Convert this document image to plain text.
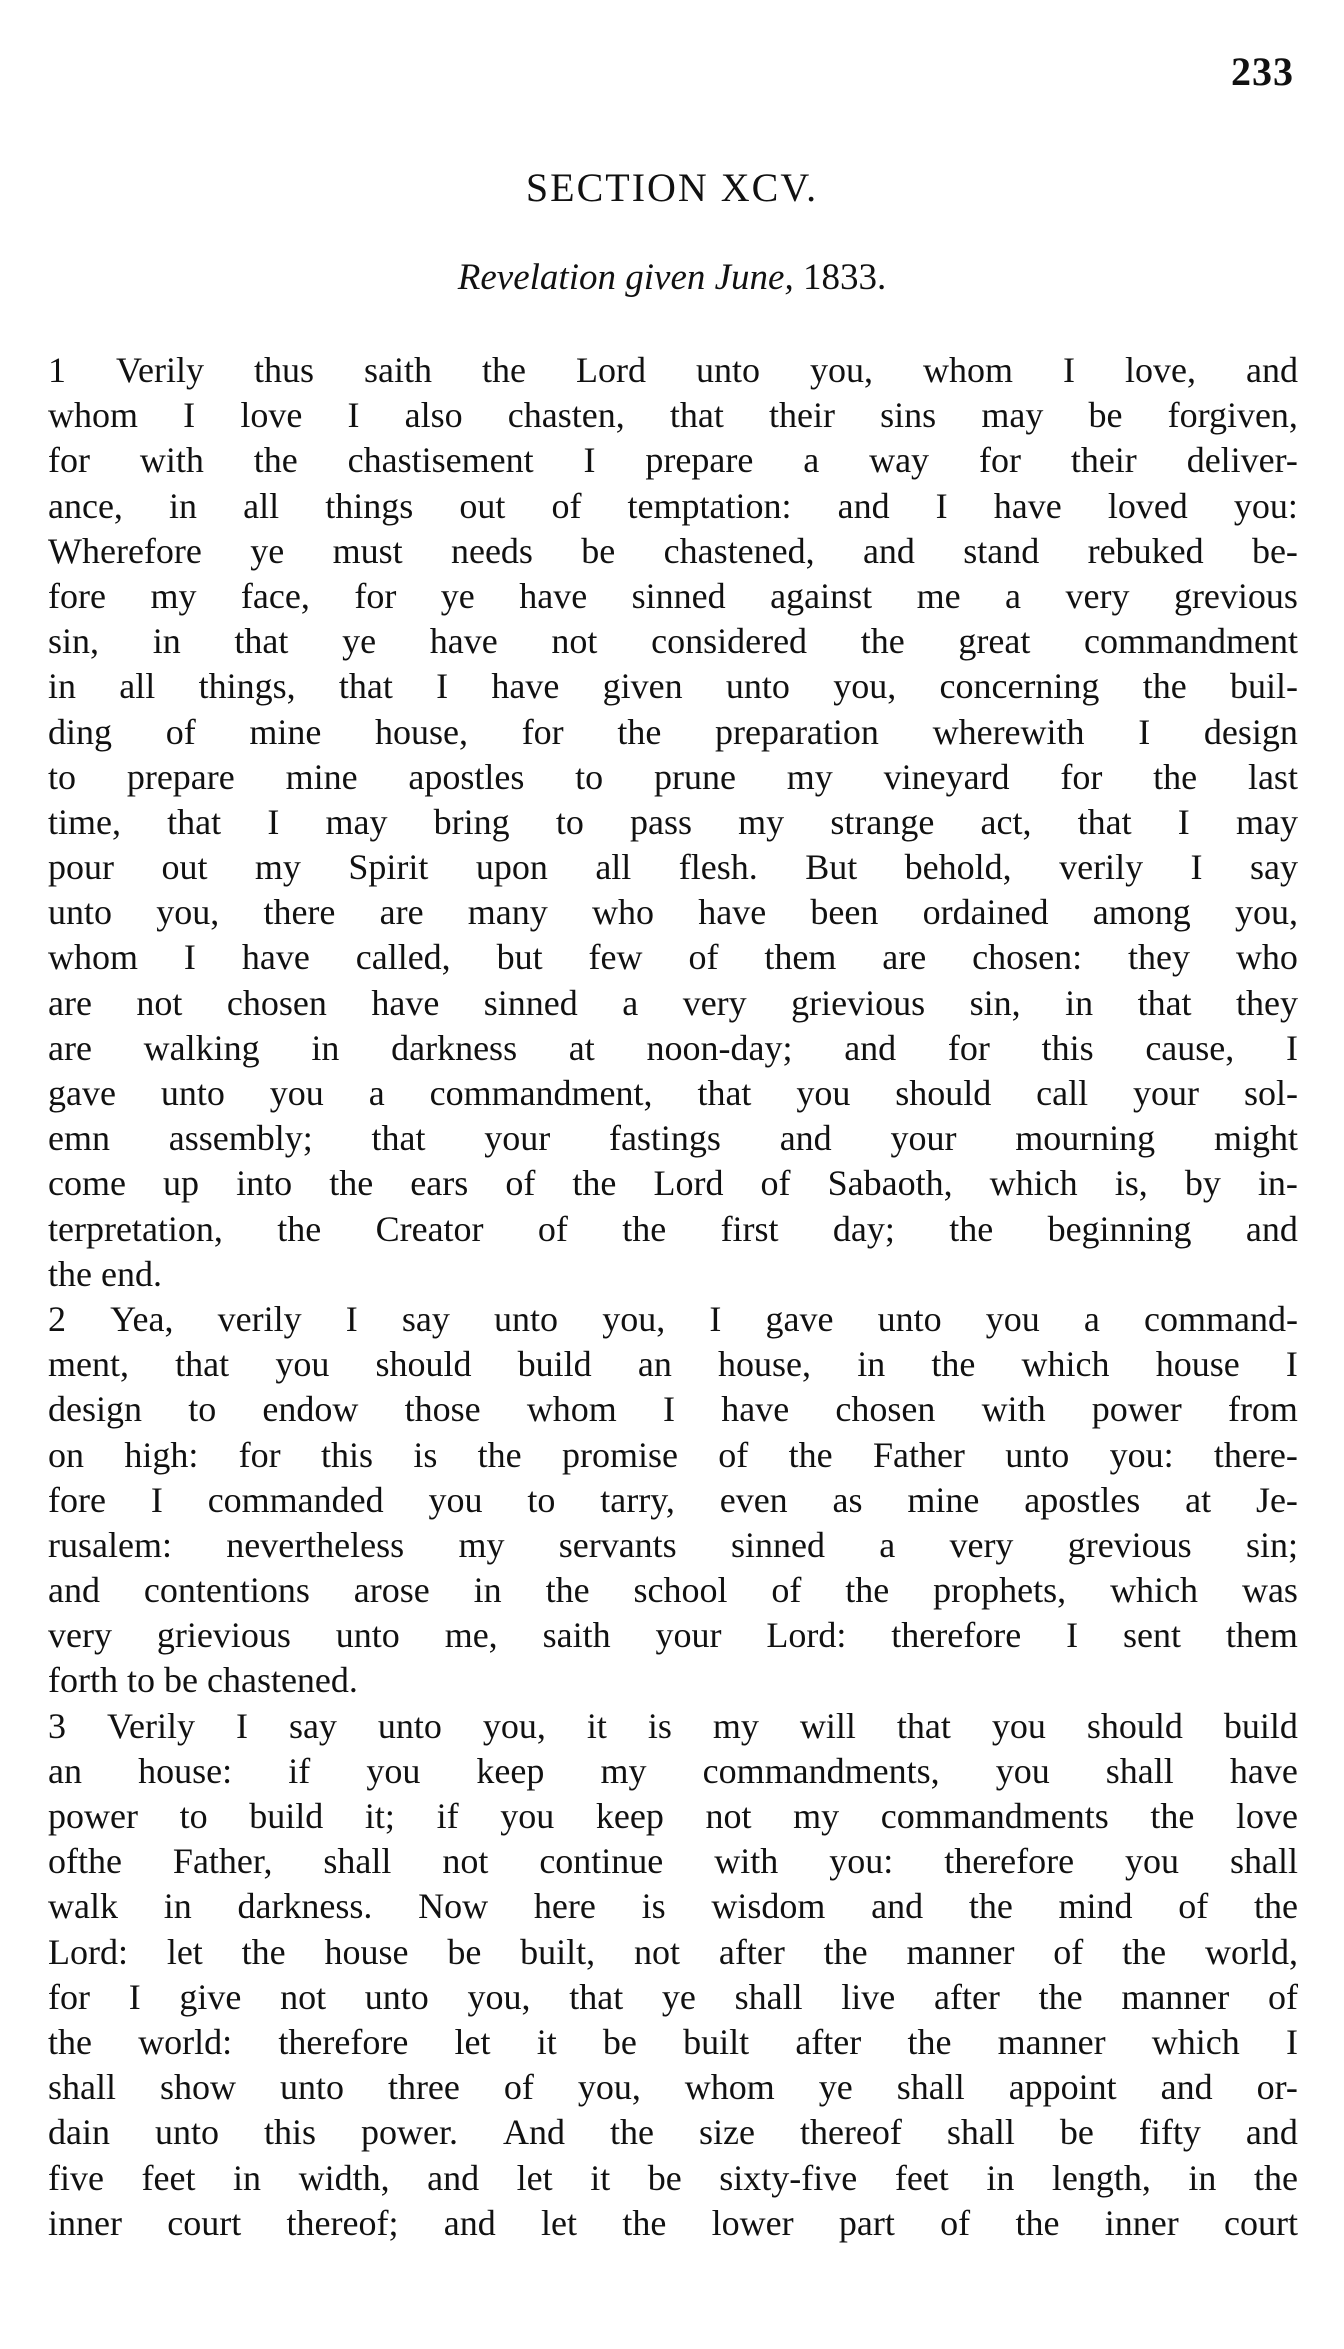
233
SECTION XCV.
Revelation given June, 1833.
1 Verily thus saith the Lord unto you, whom I love, and
whom I love I also chasten, that their sins may be forgiven,
for with the chastisement I prepare a way for their deliver-
ance, in all things out of temptation: and I have loved you:
Wherefore ye must needs be chastened, and stand rebuked be-
fore my face, for ye have sinned against me a very grevious
sin, in that ye have not considered the great commandment
in all things, that I have given unto you, concerning the buil-
ding of mine house, for the preparation wherewith I design
to prepare mine apostles to prune my vineyard for the last
time, that I may bring to pass my strange act, that I may
pour out my Spirit upon all flesh. But behold, verily I say
unto you, there are many who have been ordained among you,
whom I have called, but few of them are chosen: they who
are not chosen have sinned a very grievious sin, in that they
are walking in darkness at noon-day; and for this cause, I
gave unto you a commandment, that you should call your sol-
emn assembly; that your fastings and your mourning might
come up into the ears of the Lord of Sabaoth, which is, by in-
terpretation, the Creator of the first day; the beginning and
the end.
2 Yea, verily I say unto you, I gave unto you a command-
ment, that you should build an house, in the which house I
design to endow those whom I have chosen with power from
on high: for this is the promise of the Father unto you: there-
fore I commanded you to tarry, even as mine apostles at Je-
rusalem: nevertheless my servants sinned a very grevious sin;
and contentions arose in the school of the prophets, which was
very grievious unto me, saith your Lord: therefore I sent them
forth to be chastened.
3 Verily I say unto you, it is my will that you should build
an house: if you keep my commandments, you shall have
power to build it; if you keep not my commandments the love
ofthe Father, shall not continue with you: therefore you shall
walk in darkness. Now here is wisdom and the mind of the
Lord: let the house be built, not after the manner of the world,
for I give not unto you, that ye shall live after the manner of
the world: therefore let it be built after the manner which I
shall show unto three of you, whom ye shall appoint and or-
dain unto this power. And the size thereof shall be fifty and
five feet in width, and let it be sixty-five feet in length, in the
inner court thereof; and let the lower part of the inner court
